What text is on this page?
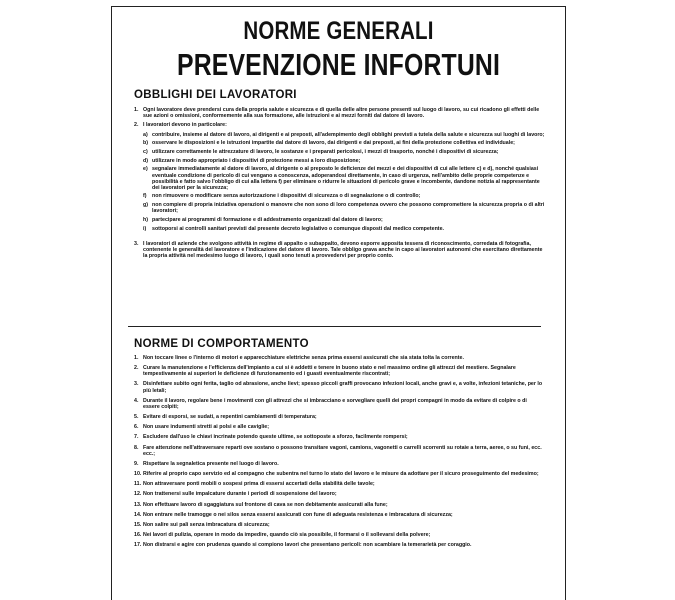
NORME GENERALI
PREVENZIONE INFORTUNI
OBBLIGHI DEI LAVORATORI
1. Ogni lavoratore deve prendersi cura della propria salute e sicurezza e di quella delle altre persone presenti sul luogo di lavoro, su cui ricadono gli effetti delle sue azioni o omissioni, conformemente alla sua formazione, alle istruzioni e ai mezzi forniti dal datore di lavoro.
2. I lavoratori devono in particolare:
a) contribuire, insieme al datore di lavoro, ai dirigenti e ai preposti, all'adempimento degli obblighi previsti a tutela della salute e sicurezza sui luoghi di lavoro;
b) osservare le disposizioni e le istruzioni impartite dal datore di lavoro, dai dirigenti e dai preposti, ai fini della protezione collettiva ed individuale;
c) utilizzare correttamente le attrezzature di lavoro, le sostanze e i preparati pericolosi, i mezzi di trasporto, nonché i dispositivi di sicurezza;
d) utilizzare in modo appropriato i dispositivi di protezione messi a loro disposizione;
e) segnalare immediatamente al datore di lavoro, al dirigente o al preposto le deficienze dei mezzi e dei dispositivi di cui alle lettere c) e d), nonché qualsiasi eventuale condizione di pericolo di cui vengano a conoscenza, adoperandosi direttamente, in caso di urgenza, nell'ambito delle proprie competenze e possibilità e fatto salvo l'obbligo di cui alla lettera f) per eliminare o ridurre le situazioni di pericolo grave e incombente, dandone notizia al rappresentante dei lavoratori per la sicurezza;
f)	non rimuovere o modificare senza autorizzazione i dispositivi di sicurezza o di segnalazione o di controllo;
g) non compiere di propria iniziativa operazioni o manovre che non sono di loro competenza ovvero che possono compromettere la sicurezza propria o di altri lavoratori;
h) partecipare ai programmi di formazione e di addestramento organizzati dal datore di lavoro;
i)	sottoporsi ai controlli sanitari previsti dal presente decreto legislativo o comunque disposti dal medico competente.
3. I lavoratori di aziende che svolgono attività in regime di appalto o subappalto, devono esporre apposita tessera di riconoscimento, corredata di fotografia, contenente le generalità del lavoratore e l'indicazione del datore di lavoro. Tale obbligo grava anche in capo ai lavoratori autonomi che esercitano direttamente la propria attività nel medesimo luogo di lavoro, i quali sono tenuti a provvedervi per proprio conto.
NORME DI COMPORTAMENTO
1. Non toccare linee o l'interno di motori e apparecchiature elettriche senza prima essersi assicurati che sia stata tolta la corrente.
2. Curare la manutenzione e l'efficienza dell'impianto a cui si è addetti e tenere in buono stato e nel massimo ordine gli attrezzi del mestiere. Segnalare tempestivamente ai superiori le deficienze di funzionamento ed i guasti eventualmente riscontrati;
3. Disinfettare subito ogni ferita, taglio od abrasione, anche lievi; spesso piccoli graffi provocano infezioni locali, anche gravi e, a volte, infezioni tetaniche, per lo più letali;
4. Durante il lavoro, regolare bene i movimenti con gli attrezzi che si imbracciano e sorvegliare quelli dei propri compagni in modo da evitare di colpire o di essere colpiti;
5. Evitare di esporsi, se sudati, a repentini cambiamenti di temperatura;
6. Non usare indumenti stretti ai polsi e alle caviglie;
7. Escludere dall'uso le chiavi incrinate potendo queste ultime, se sottoposte a sforzo, facilmente rompersi;
8. Fare attenzione nell'attraversare reparti ove sostano o possono transitare vagoni, camions, vagonetti o carrelli scorrenti su rotaie a terra, aeree, o su funi, ecc. ecc.;
9. Rispettare la segnaletica presente nel luogo di lavoro.
10. Riferire al proprio capo servizio ed al compagno che subentra nel turno lo stato del lavoro e le misure da adottare per il sicuro proseguimento del medesimo;
11. Non attraversare ponti mobili o sospesi prima di essersi accertati della stabilità delle tavole;
12. Non trattenersi sulle impalcature durante i periodi di sospensione del lavoro;
13. Non effettuare lavoro di sgaggiatura sul frontone di cava se non debitamente assicurati alla fune;
14. Non entrare nelle tramogge o nei silos senza essersi assicurati con fune di adeguata resistenza e imbracatura di sicurezza;
15. Non salire sui pali senza imbracatura di sicurezza;
16. Nei lavori di pulizia, operare in modo da impedire, quando ciò sia possibile, il formarsi o il sollevarsi della polvere;
17. Non distrarsi e agire con prudenza quando si compiono lavori che presentano pericoli: non scambiare la temerarietà per coraggio.
